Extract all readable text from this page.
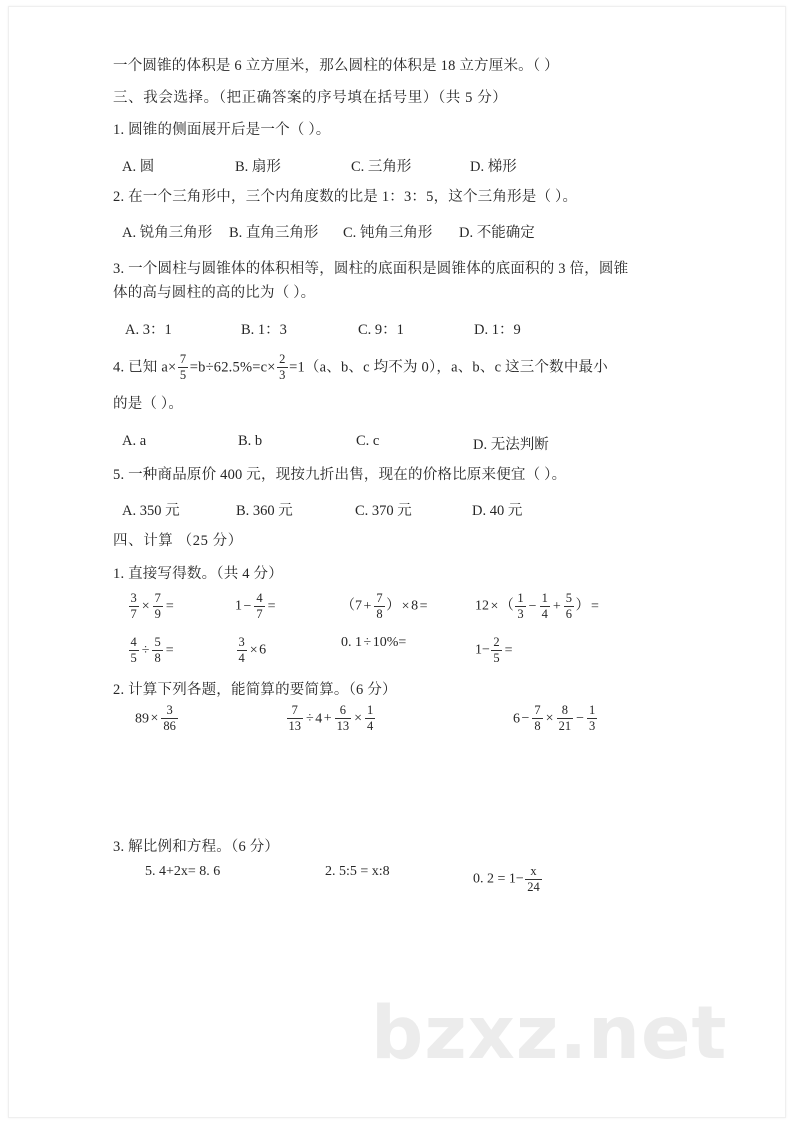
一个圆锥的体积是 6 立方厘米，那么圆柱的体积是 18 立方厘米。（ ）
三、我会选择。（把正确答案的序号填在括号里）（共 5 分）
1. 圆锥的侧面展开后是一个（ ）。
A. 圆	B. 扇形	C. 三角形	D. 梯形
2. 在一个三角形中，三个内角度数的比是 1：3：5，这个三角形是（ ）。
A. 锐角三角形 B. 直角三角形 C. 钝角三角形 D. 不能确定
3. 一个圆柱与圆锥体的体积相等，圆柱的底面积是圆锥体的底面积的 3 倍，圆锥
体的高与圆柱的高的比为（ ）。
A. 3：1	B. 1：3	C. 9：1	D. 1：9
4. 已知 $a\times \frac{7}{5} =b\div 62.5\%=c\times \frac{2}{3} =1(a$、b、c 均不为 0），a、b、c 这三个数中最小
的是（ ）。
A. a	B. b	C. c	D. 无法判断
5. 一种商品原价 400 元，现按九折出售，现在的价格比原来便宜（ ）。
A. 350 元	B. 360 元	C. 370 元	D. 40 元
四、计算 （25 分）
1. 直接写得数。（共 4 分）
$\frac{3}{7} \times \frac{7}{9}$ =	$1 - \frac{4}{7}$ =	（$7 + \frac{7}{8}$ ） × 8 =	12 × （ $\frac{1}{3} - \frac{1}{4} + \frac{5}{6}$ ） =
$\frac{4}{5} \div \frac{5}{8}$ =	$\frac{3}{4} \times 6$	0. 1 ÷ 10%=	$1- \frac{2}{5}$ =
2. 计算下列各题，能简算的要简算。（6 分）
$89 \times \frac{3}{86}$	$\frac{7}{13} \div 4 + \frac{6}{13} \times \frac{1}{4}$	$6 - \frac{7}{8} \times \frac{8}{21} - \frac{1}{3}$
3. 解比例和方程。（6 分）
5. 4+2x= 8. 6	2. 5:5 = x:8	0. $2 = 1- \frac{x}{24}$
bzxz.net
